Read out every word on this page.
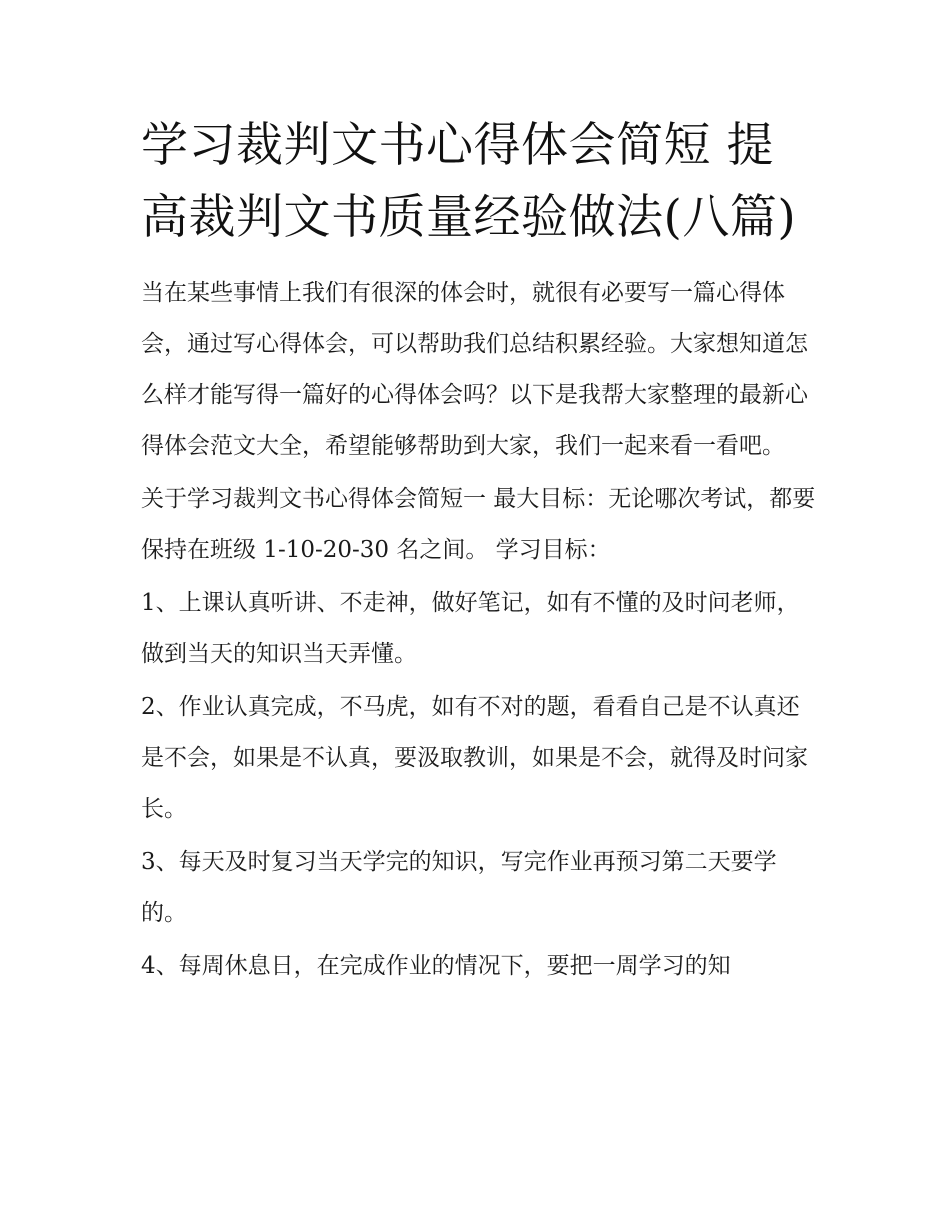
学习裁判文书心得体会简短 提高裁判文书质量经验做法(八篇)

当在某些事情上我们有很深的体会时，就很有必要写一篇心得体会，通过写心得体会，可以帮助我们总结积累经验。大家想知道怎么样才能写得一篇好的心得体会吗？以下是我帮大家整理的最新心得体会范文大全，希望能够帮助到大家，我们一起来看一看吧。

关于学习裁判文书心得体会简短一 最大目标：无论哪次考试，都要保持在班级 1-10-20-30 名之间。 学习目标：

1、上课认真听讲、不走神，做好笔记，如有不懂的及时问老师，做到当天的知识当天弄懂。

2、作业认真完成，不马虎，如有不对的题，看看自己是不认真还是不会，如果是不认真，要汲取教训，如果是不会，就得及时问家长。

3、每天及时复习当天学完的知识，写完作业再预习第二天要学的。

4、每周休息日，在完成作业的情况下，要把一周学习的知
